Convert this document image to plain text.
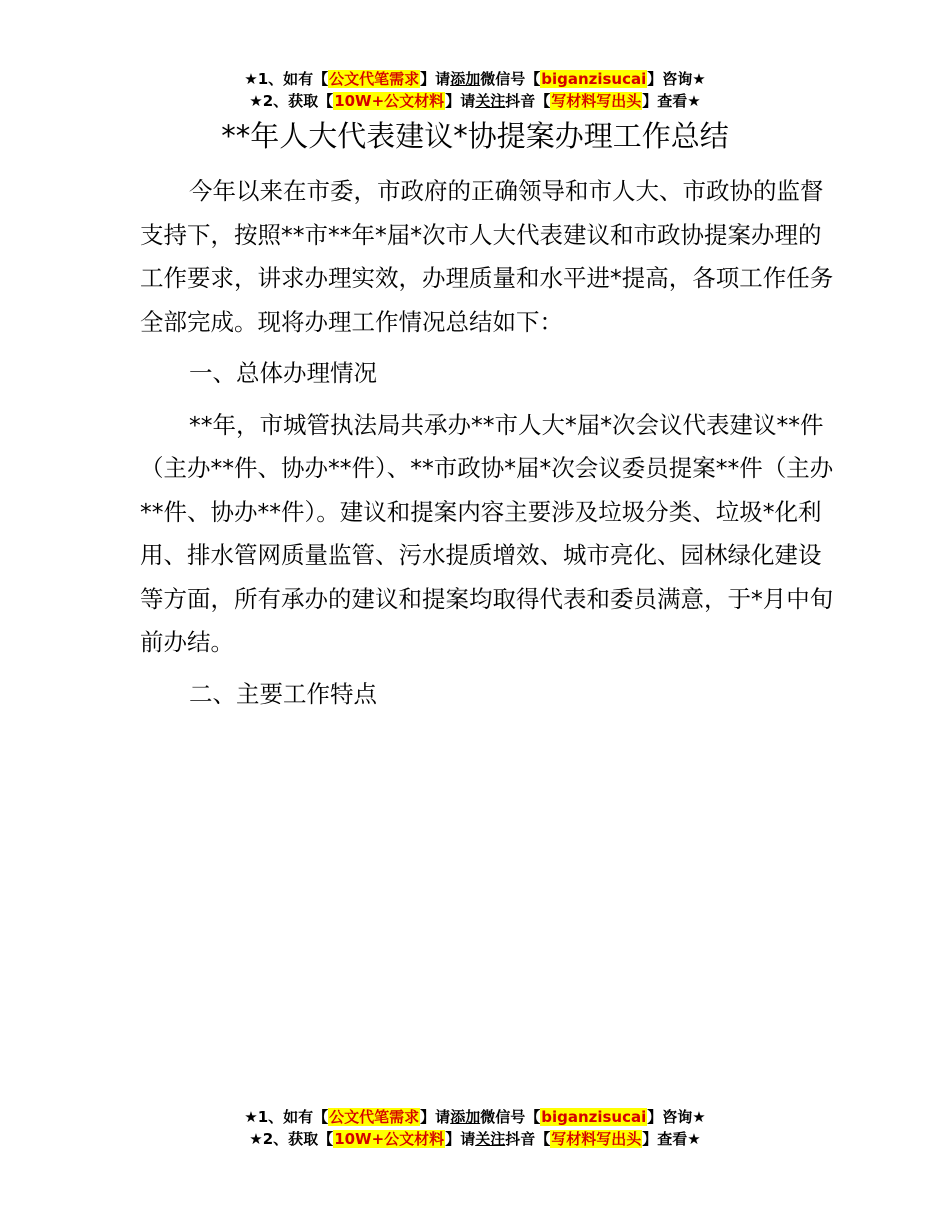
★1、如有【公文代笔需求】请添加微信号【biganzisucai】咨询★
★2、获取【10W+公文材料】请关注抖音【写材料写出头】查看★
**年人大代表建议*协提案办理工作总结

今年以来在市委，市政府的正确领导和市人大、市政协的监督支持下，按照**市**年*届*次市人大代表建议和市政协提案办理的工作要求，讲求办理实效，办理质量和水平进*提高，各项工作任务全部完成。现将办理工作情况总结如下：

一、总体办理情况

**年，市城管执法局共承办**市人大*届*次会议代表建议**件（主办**件、协办**件）、**市政协*届*次会议委员提案**件（主办**件、协办**件）。建议和提案内容主要涉及垃圾分类、垃圾*化利用、排水管网质量监管、污水提质增效、城市亮化、园林绿化建设等方面，所有承办的建议和提案均取得代表和委员满意，于*月中旬前办结。

二、主要工作特点

★1、如有【公文代笔需求】请添加微信号【biganzisucai】咨询★
★2、获取【10W+公文材料】请关注抖音【写材料写出头】查看★
